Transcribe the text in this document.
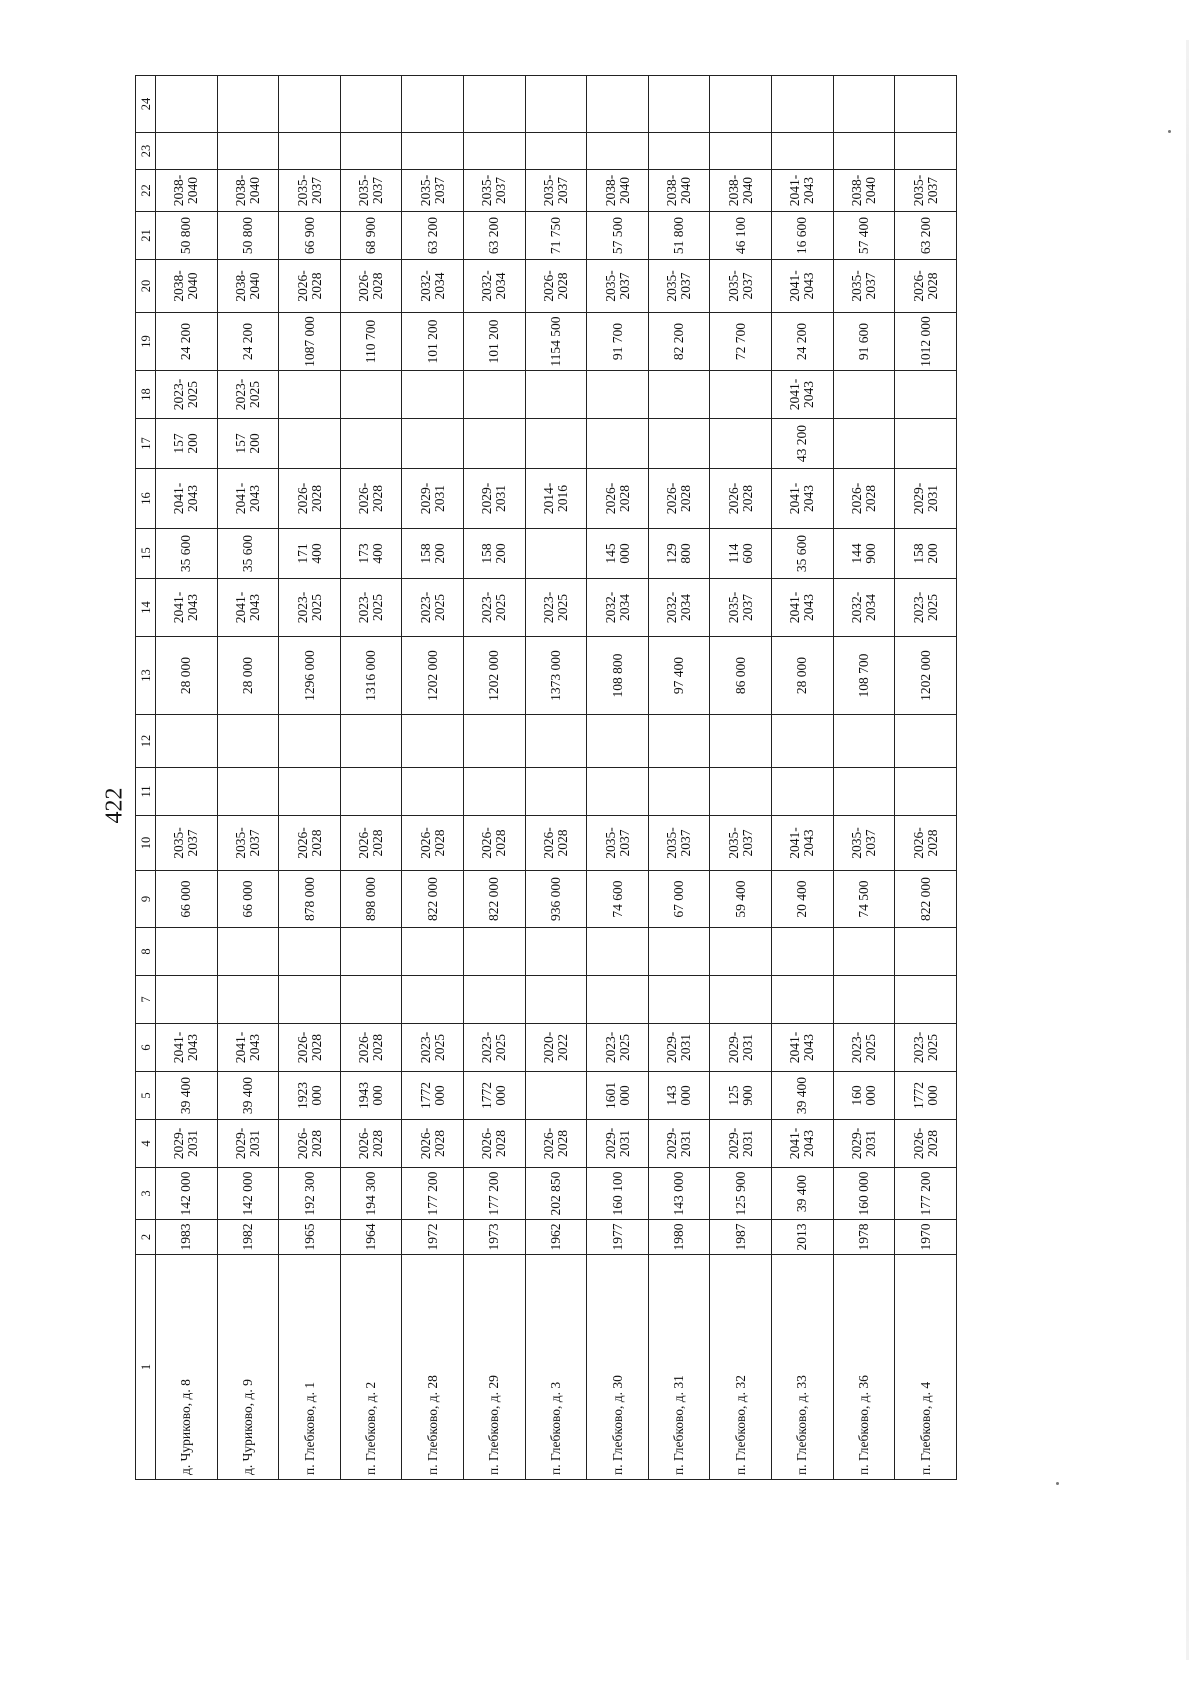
422
1	2	3	4	5	6	7	8	9	10	11	12	13	14	15	16	17	18	19	20	21	22	23	24
д. Чуриково, д. 8	1983	142 000	2029-2031	39 400	2041-2043			66 000	2035-2037			28 000	2041-2043	35 600	2041-2043	157 200	2023-2025	24 200	2038-2040	50 800	2038-2040		
д. Чуриково, д. 9	1982	142 000	2029-2031	39 400	2041-2043			66 000	2035-2037			28 000	2041-2043	35 600	2041-2043	157 200	2023-2025	24 200	2038-2040	50 800	2038-2040		
п. Глебково, д. 1	1965	192 300	2026-2028	1923 000	2026-2028			878 000	2026-2028			1296 000	2023-2025	171 400	2026-2028			1087 000	2026-2028	66 900	2035-2037		
п. Глебково, д. 2	1964	194 300	2026-2028	1943 000	2026-2028			898 000	2026-2028			1316 000	2023-2025	173 400	2026-2028			110 700	2026-2028	68 900	2035-2037		
п. Глебково, д. 28	1972	177 200	2026-2028	1772 000	2023-2025			822 000	2026-2028			1202 000	2023-2025	158 200	2029-2031			101 200	2032-2034	63 200	2035-2037		
п. Глебково, д. 29	1973	177 200	2026-2028	1772 000	2023-2025			822 000	2026-2028			1202 000	2023-2025	158 200	2029-2031			101 200	2032-2034	63 200	2035-2037		
п. Глебково, д. 3	1962	202 850	2026-2028		2020-2022			936 000	2026-2028			1373 000	2023-2025		2014-2016			1154 500	2026-2028	71 750	2035-2037		
п. Глебково, д. 30	1977	160 100	2029-2031	1601 000	2023-2025			74 600	2035-2037			108 800	2032-2034	145 000	2026-2028			91 700	2035-2037	57 500	2038-2040		
п. Глебково, д. 31	1980	143 000	2029-2031	143 000	2029-2031			67 000	2035-2037			97 400	2032-2034	129 800	2026-2028			82 200	2035-2037	51 800	2038-2040		
п. Глебково, д. 32	1987	125 900	2029-2031	125 900	2029-2031			59 400	2035-2037			86 000	2035-2037	114 600	2026-2028			72 700	2035-2037	46 100	2038-2040		
п. Глебково, д. 33	2013	39 400	2041-2043	39 400	2041-2043			20 400	2041-2043			28 000	2041-2043	35 600	2041-2043	43 200	2041-2043	24 200	2041-2043	16 600	2041-2043		
п. Глебково, д. 36	1978	160 000	2029-2031	160 000	2023-2025			74 500	2035-2037			108 700	2032-2034	144 900	2026-2028			91 600	2035-2037	57 400	2038-2040		
п. Глебково, д. 4	1970	177 200	2026-2028	1772 000	2023-2025			822 000	2026-2028			1202 000	2023-2025	158 200	2029-2031			1012 000	2026-2028	63 200	2035-2037		
